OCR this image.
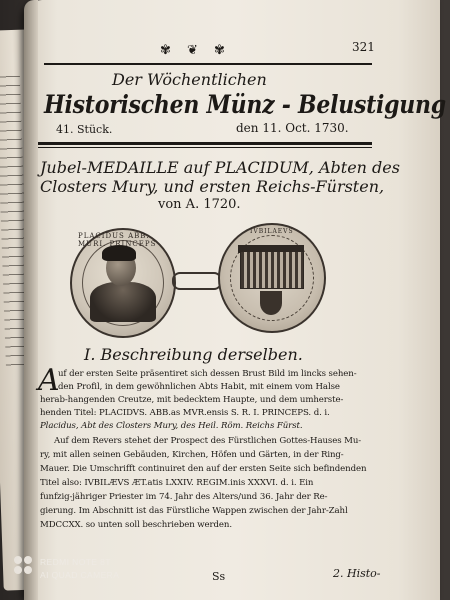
✾ ❦ ✾	321
Der Wöchentlichen
Historischen Münz - Belustigung
41. Stück.	den 11. Oct. 1730.
Jubel-MEDAILLE auf PLACIDUM, Abten des
Closters Mury, und ersten Reichs-Fürsten,
von A. 1720.
PLACIDUS ABB. MURI. PRINCEPS
IVBILAEVS
I. Beschreibung derselben.
A
uf der ersten Seite präsentiret sich dessen Brust Bild im lincks sehen-
den Profil, in dem gewöhnlichen Abts Habit, mit einem vom Halse
herab-hangenden Creutze, mit bedecktem Haupte, und dem umherste-
henden Titel: PLACIDVS. ABB.as MVR.ensis S. R. I. PRINCEPS. d. i.
Placidus, Abt des Closters Mury, des Heil. Röm. Reichs Fürst.
Auf dem Revers stehet der Prospect des Fürstlichen Gottes-Hauses Mu-
ry, mit allen seinen Gebäuden, Kirchen, Höfen und Gärten, in der Ring-
Mauer. Die Umschrifft continuiret den auf der ersten Seite sich befindenden
Titel also: IVBILÆVS ÆT.atis LXXIV. REGIM.inis XXXVI. d. i. Ein
funfzig-jähriger Priester im 74. Jahr des Alters/und 36. Jahr der Re-
gierung. Im Abschnitt ist das Fürstliche Wappen zwischen der Jahr-Zahl
MDCCXX. so unten soll beschrieben werden.
Ss	2. Histo-
REDMI NOTE 8T
AI QUAD CAMERA
